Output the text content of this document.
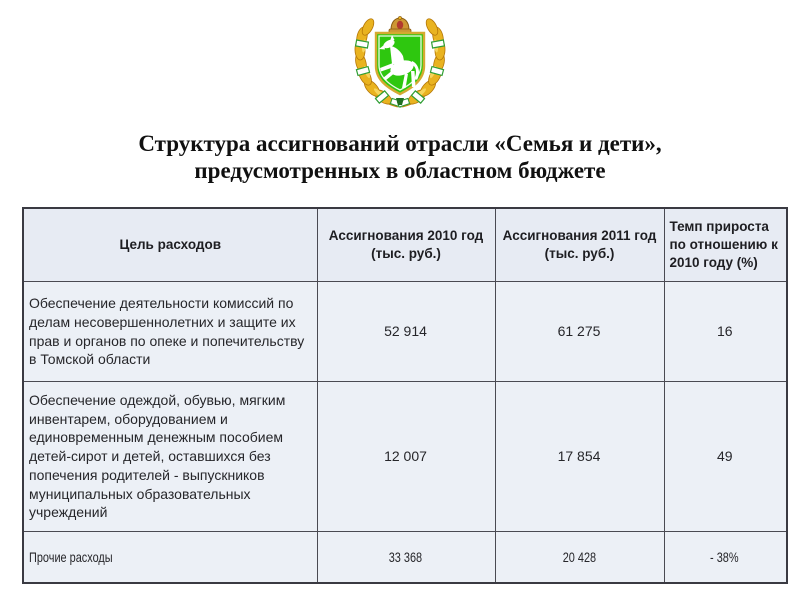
Структура ассигнований отрасли «Семья и дети»,
предусмотренных в областном бюджете
Цель расходов	Ассигнования 2010 год (тыс. руб.)	Ассигнования 2011 год (тыс. руб.)	Темп прироста по отношению к 2010 году (%)
Обеспечение деятельности комиссий по делам несовершеннолетних и защите их прав и органов по опеке и попечительству в Томской области	52 914	61 275	16
Обеспечение одеждой, обувью, мягким инвентарем, оборудованием и единовременным денежным пособием детей-сирот и детей, оставшихся без попечения родителей - выпускников муниципальных образовательных учреждений	12 007	17 854	49
Прочие расходы	33 368	20 428	- 38%
